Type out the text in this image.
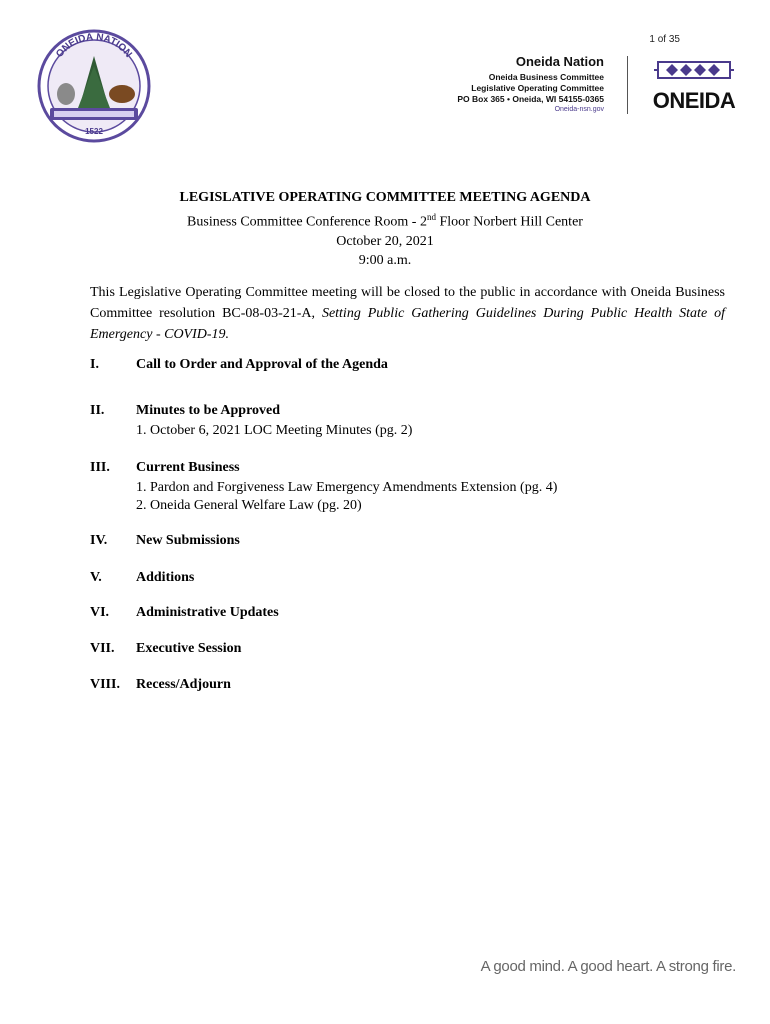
1 of 35
ONEIDA NATION
1522
Oneida Nation
Oneida Business Committee
Legislative Operating Committee
PO Box 365 • Oneida, WI 54155-0365
Oneida-nsn.gov	ONEIDA
LEGISLATIVE OPERATING COMMITTEE MEETING AGENDA
Business Committee Conference Room - 2nd Floor Norbert Hill Center
October 20, 2021
9:00 a.m.
This Legislative Operating Committee meeting will be closed to the public in accordance with Oneida Business Committee resolution BC-08-03-21-A, Setting Public Gathering Guidelines During Public Health State of Emergency - COVID-19.
I.	Call to Order and Approval of the Agenda
II. Minutes to be Approved
1. October 6, 2021 LOC Meeting Minutes (pg. 2)
III. Current Business
1. Pardon and Forgiveness Law Emergency Amendments Extension (pg. 4)
2. Oneida General Welfare Law (pg. 20)
IV. New Submissions
V. Additions
VI. Administrative Updates
VII. Executive Session
VIII. Recess/Adjourn
A good mind. A good heart. A strong fire.
